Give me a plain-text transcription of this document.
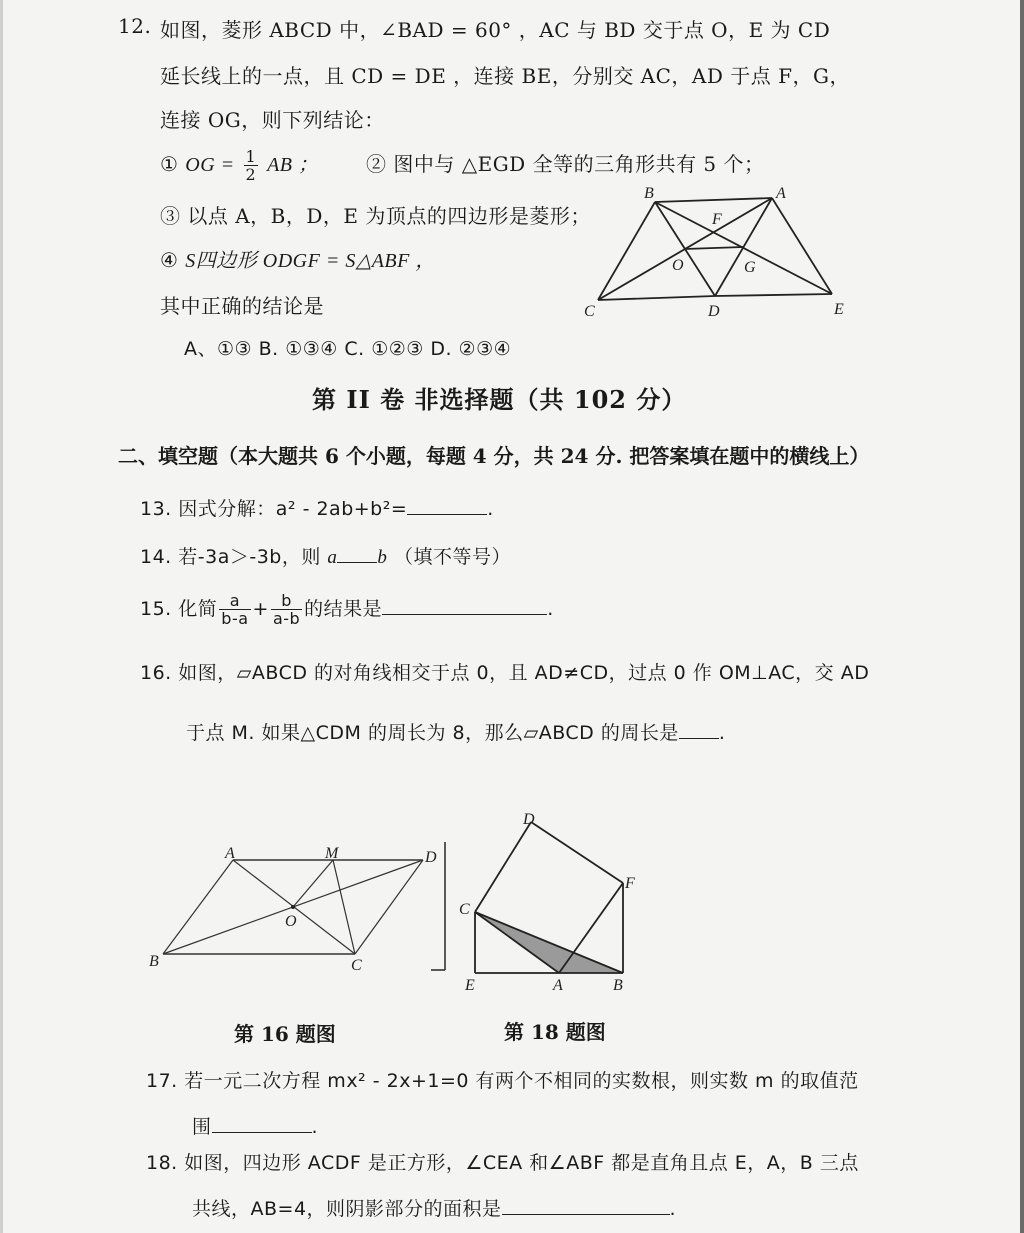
12. 如图，菱形 ABCD 中，∠BAD = 60° ，AC 与 BD 交于点 O，E 为 CD
延长线上的一点，且 CD = DE ，连接 BE，分别交 AC，AD 于点 F，G，
连接 OG，则下列结论：
① OG = $\frac{1}{2}$ AB ； ② 图中与 △EGD 全等的三角形共有 5 个；
③ 以点 A，B，D，E 为顶点的四边形是菱形；
④ S四边形 ODGF = S△ABF ，
其中正确的结论是
A、①③ B. ①③④ C. ①②③ D. ②③④
B	A
F
O	G
C	D	E
第 II 卷 非选择题（共 102 分）
二、填空题（本大题共 6 个小题，每题 4 分，共 24 分. 把答案填在题中的横线上）
13. 因式分解：a² - 2ab+b²=	.
14. 若-3a＞-3b，则 a b （填不等号）
15. 化简 $\frac{a}{b-a} + \frac{b}{a-b}$ 的结果是	.
16. 如图，▱ABCD 的对角线相交于点 0，且 AD≠CD，过点 0 作 OM⊥AC，交 AD
于点 M. 如果△CDM 的周长为 8，那么▱ABCD 的周长是 .
A	M	D
O
B	C
D
F
C
E	A	B
第 16 题图	第 18 题图
17. 若一元二次方程 mx² - 2x+1=0 有两个不相同的实数根，则实数 m 的取值范
围	.
18. 如图，四边形 ACDF 是正方形，∠CEA 和∠ABF 都是直角且点 E，A，B 三点
共线，AB=4，则阴影部分的面积是	.
